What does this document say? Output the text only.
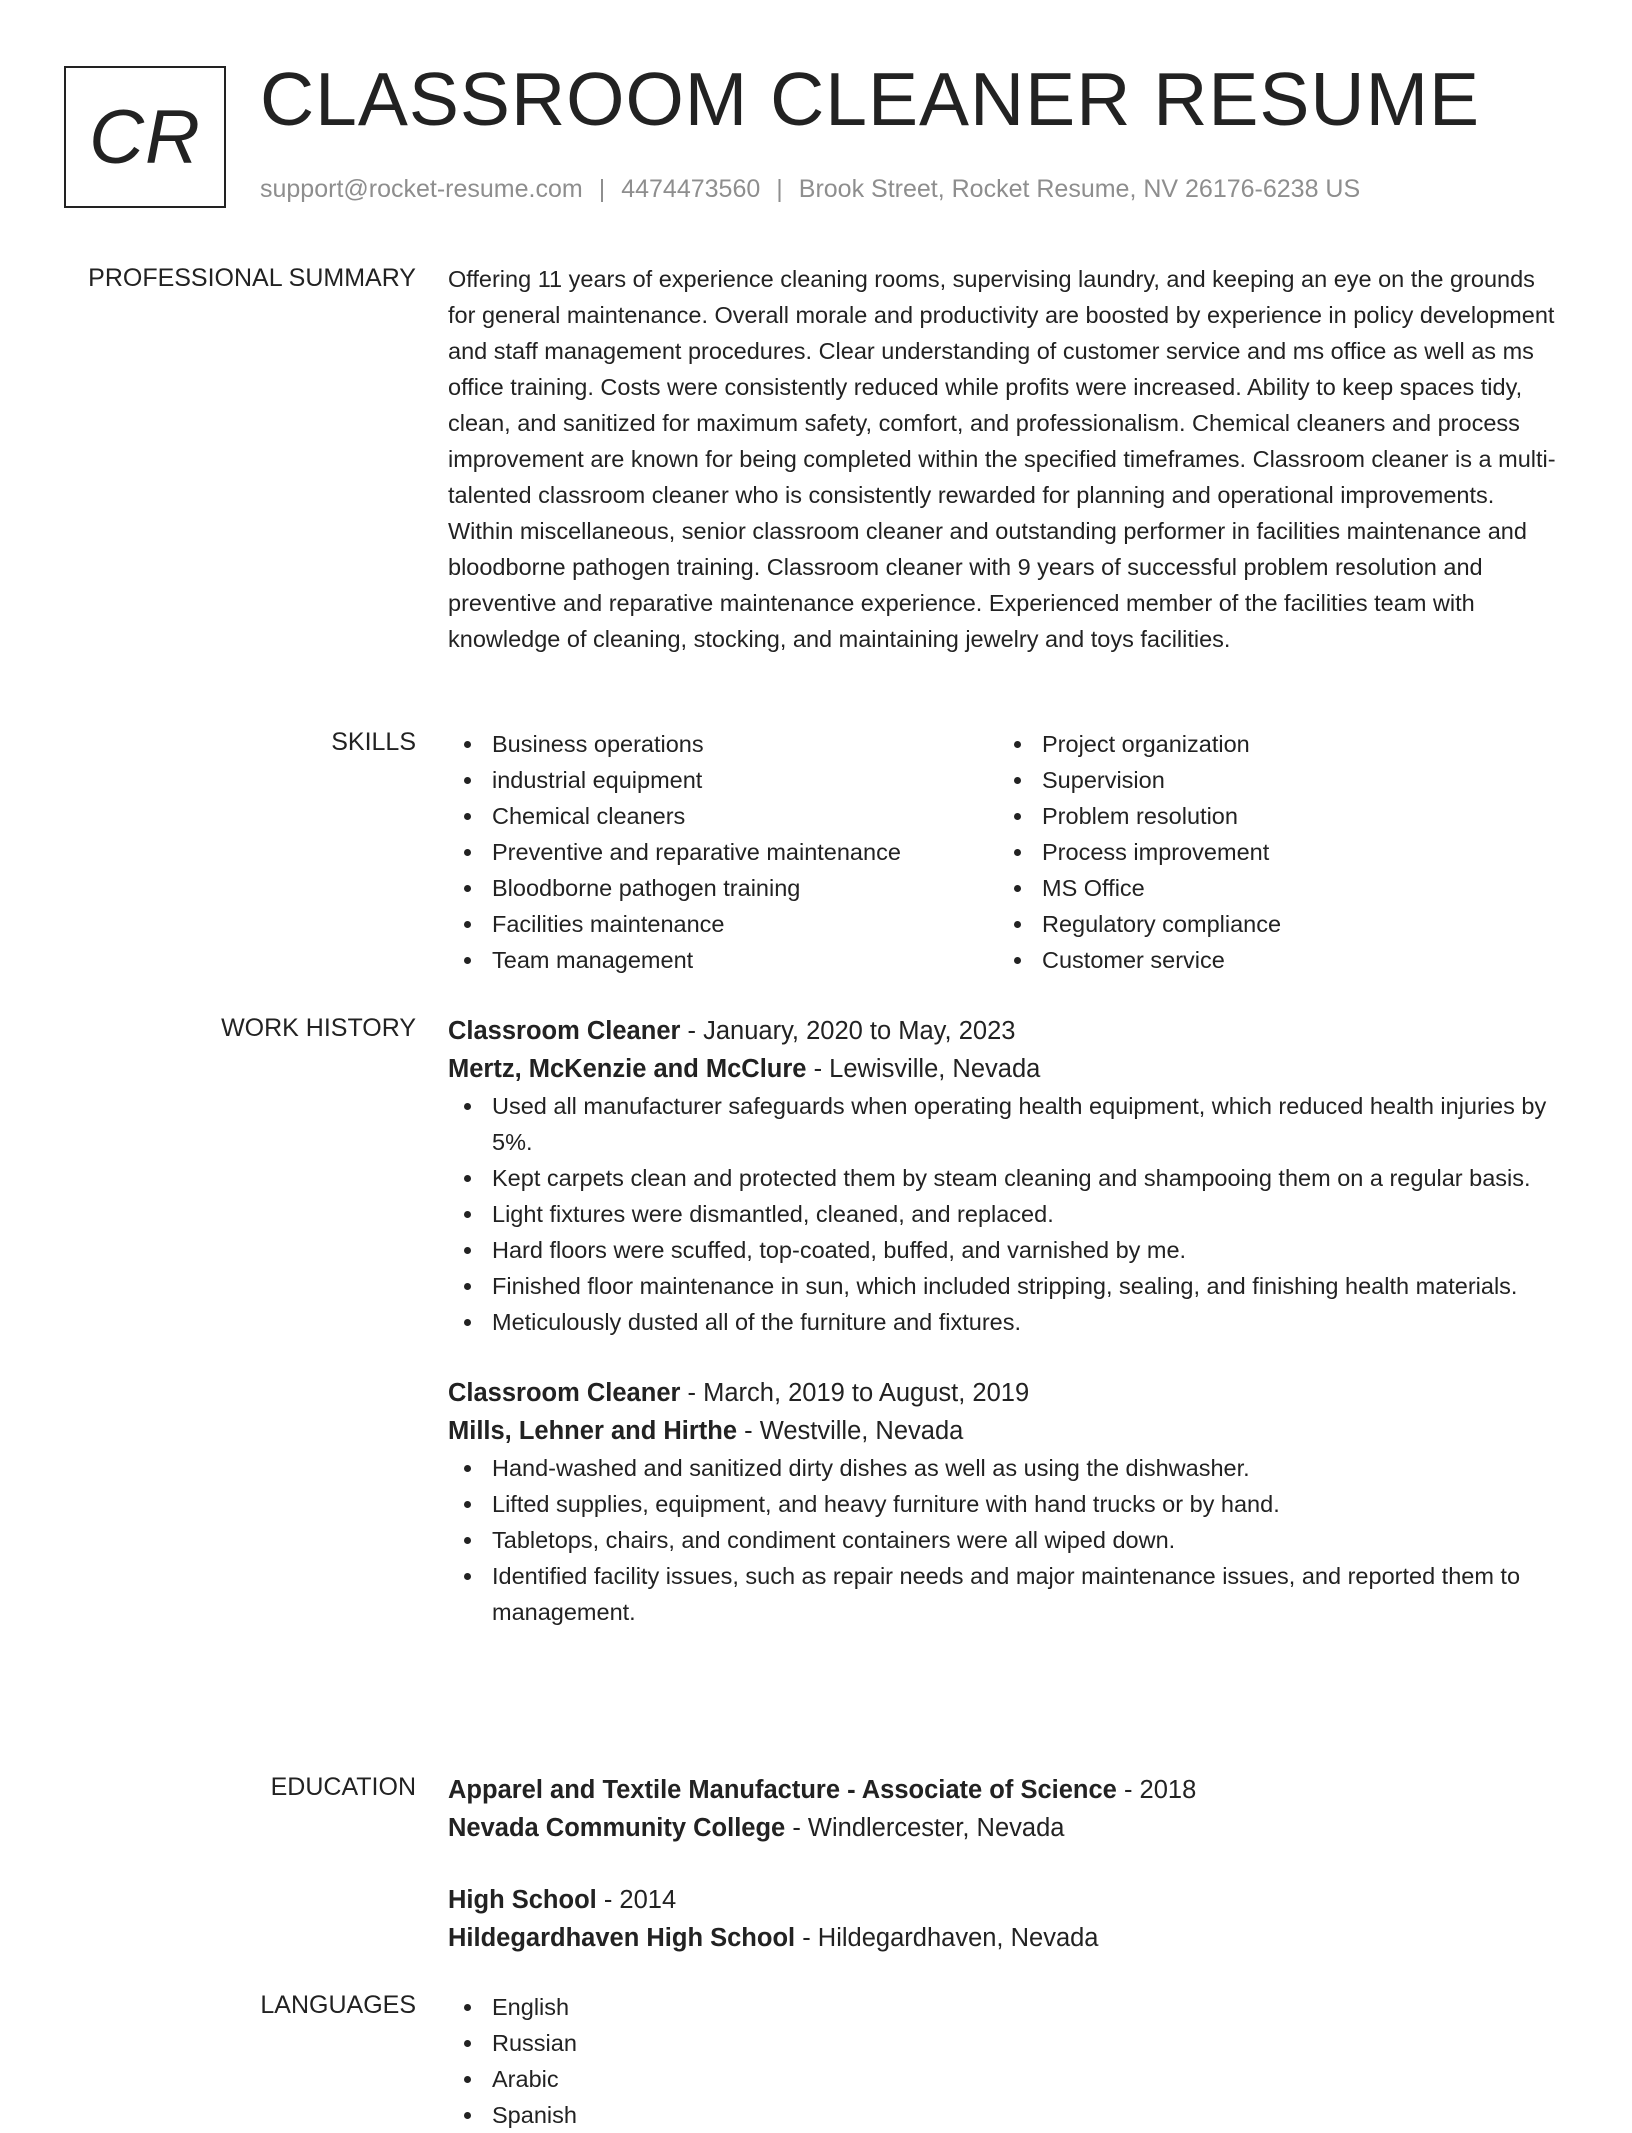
CR CLASSROOM CLEANER RESUME
support@rocket-resume.com | 4474473560 | Brook Street, Rocket Resume, NV 26176-6238 US
PROFESSIONAL SUMMARY Offering 11 years of experience cleaning rooms, supervising laundry, and keeping an eye on the grounds for general maintenance. Overall morale and productivity are boosted by experience in policy development and staff management procedures. Clear understanding of customer service and ms office as well as ms office training. Costs were consistently reduced while profits were increased. Ability to keep spaces tidy, clean, and sanitized for maximum safety, comfort, and professionalism. Chemical cleaners and process improvement are known for being completed within the specified timeframes. Classroom cleaner is a multi-talented classroom cleaner who is consistently rewarded for planning and operational improvements. Within miscellaneous, senior classroom cleaner and outstanding performer in facilities maintenance and bloodborne pathogen training. Classroom cleaner with 9 years of successful problem resolution and preventive and reparative maintenance experience. Experienced member of the facilities team with knowledge of cleaning, stocking, and maintaining jewelry and toys facilities.

SKILLS	Business operations
industrial equipment
Chemical cleaners
Preventive and reparative maintenance
Bloodborne pathogen training
Facilities maintenance
Team management
Project organization
Supervision
Problem resolution
Process improvement
MS Office
Regulatory compliance
Customer service
WORK HISTORY Classroom Cleaner - January, 2020 to May, 2023
Mertz, McKenzie and McClure - Lewisville, Nevada
Used all manufacturer safeguards when operating health equipment, which reduced health injuries by 5%.
Kept carpets clean and protected them by steam cleaning and shampooing them on a regular basis.
Light fixtures were dismantled, cleaned, and replaced.
Hard floors were scuffed, top-coated, buffed, and varnished by me.
Finished floor maintenance in sun, which included stripping, sealing, and finishing health materials.
Meticulously dusted all of the furniture and fixtures.
Classroom Cleaner - March, 2019 to August, 2019
Mills, Lehner and Hirthe - Westville, Nevada
Hand-washed and sanitized dirty dishes as well as using the dishwasher.
Lifted supplies, equipment, and heavy furniture with hand trucks or by hand.
Tabletops, chairs, and condiment containers were all wiped down.
Identified facility issues, such as repair needs and major maintenance issues, and reported them to management.
EDUCATION Apparel and Textile Manufacture - Associate of Science - 2018
Nevada Community College - Windlercester, Nevada
High School - 2014
Hildegardhaven High School - Hildegardhaven, Nevada
LANGUAGES	English
Russian
Arabic
Spanish
